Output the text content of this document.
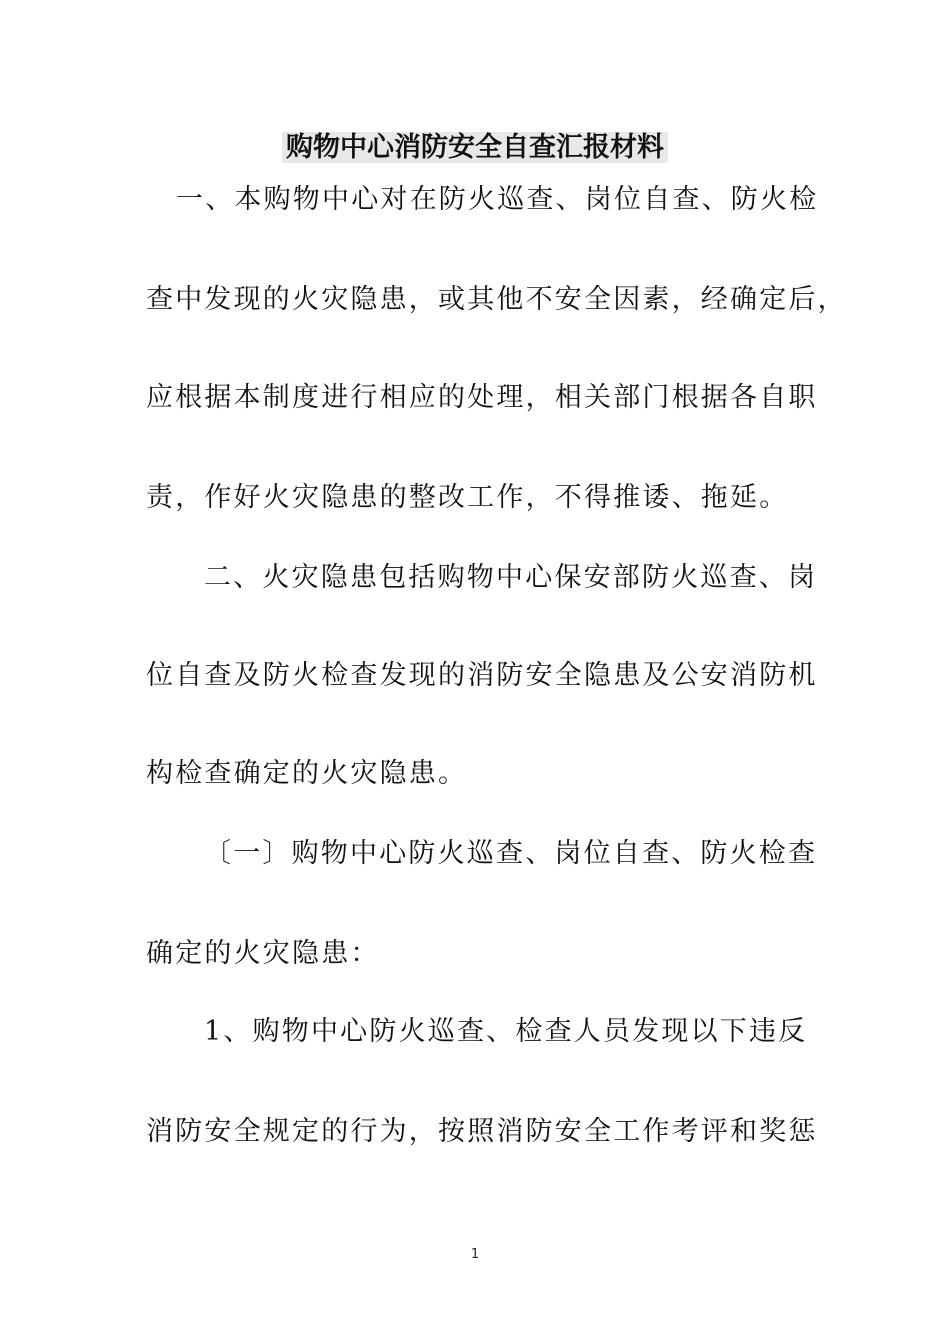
购物中心消防安全自查汇报材料
一、本购物中心对在防火巡查、岗位自查、防火检
查中发现的火灾隐患，或其他不安全因素，经确定后，
应根据本制度进行相应的处理，相关部门根据各自职
责，作好火灾隐患的整改工作，不得推诿、拖延。
二、火灾隐患包括购物中心保安部防火巡查、岗
位自查及防火检查发现的消防安全隐患及公安消防机
构检查确定的火灾隐患。
〔一〕购物中心防火巡查、岗位自查、防火检查
确定的火灾隐患：
1、购物中心防火巡查、检查人员发现以下违反
消防安全规定的行为，按照消防安全工作考评和奖惩
1
